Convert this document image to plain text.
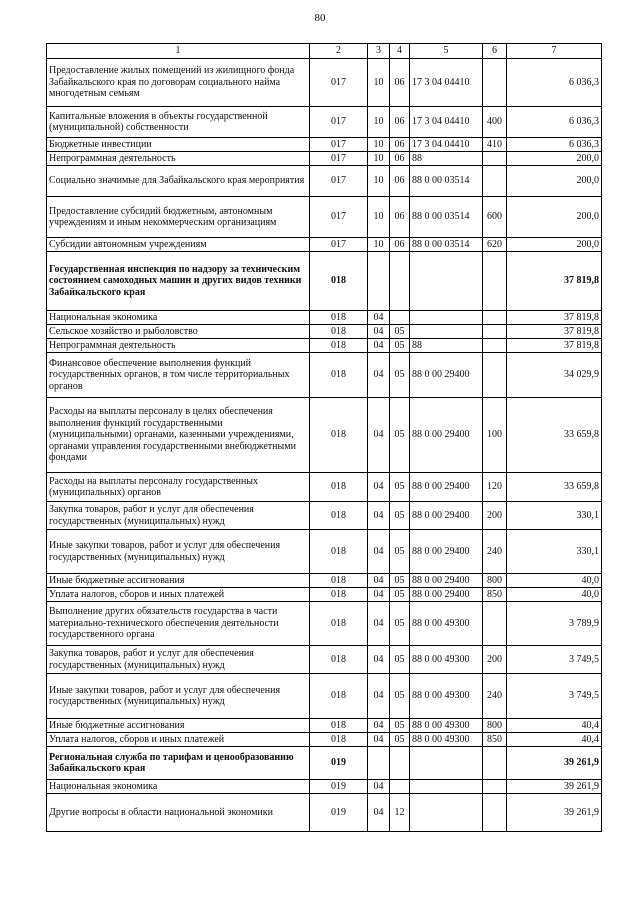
80
1	2	3	4	5	6	7
Предоставление жилых помещений из жилищного фонда Забайкальского края по договорам социального найма многодетным семьям	017	10	06	17 3 04 04410		6 036,3
Капитальные вложения в объекты государственной (муниципальной) собственности	017	10	06	17 3 04 04410	400	6 036,3
Бюджетные инвестиции	017	10	06	17 3 04 04410	410	6 036,3
Непрограммная деятельность	017	10	06	88		200,0
Социально значимые для Забайкальского края мероприятия	017	10	06	88 0 00 03514		200,0
Предоставление субсидий бюджетным, автономным учреждениям и иным некоммерческим организациям	017	10	06	88 0 00 03514	600	200,0
Субсидии автономным учреждениям	017	10	06	88 0 00 03514	620	200,0
Государственная инспекция по надзору за техническим состоянием самоходных машин и других видов техники Забайкальского края	018					37 819,8
Национальная экономика	018	04				37 819,8
Сельское хозяйство и рыболовство	018	04	05			37 819,8
Непрограммная деятельность	018	04	05	88		37 819,8
Финансовое обеспечение выполнения функций государственных органов, в том числе территориальных органов	018	04	05	88 0 00 29400		34 029,9
Расходы на выплаты персоналу в целях обеспечения выполнения функций государственными (муниципальными) органами, казенными учреждениями, органами управления государственными внебюджетными фондами	018	04	05	88 0 00 29400	100	33 659,8
Расходы на выплаты персоналу государственных (муниципальных) органов	018	04	05	88 0 00 29400	120	33 659,8
Закупка товаров, работ и услуг для обеспечения государственных (муниципальных) нужд	018	04	05	88 0 00 29400	200	330,1
Иные закупки товаров, работ и услуг для обеспечения государственных (муниципальных) нужд	018	04	05	88 0 00 29400	240	330,1
Иные бюджетные ассигнования	018	04	05	88 0 00 29400	800	40,0
Уплата налогов, сборов и иных платежей	018	04	05	88 0 00 29400	850	40,0
Выполнение других обязательств государства в части материально-технического обеспечения деятельности государственного органа	018	04	05	88 0 00 49300		3 789,9
Закупка товаров, работ и услуг для обеспечения государственных (муниципальных) нужд	018	04	05	88 0 00 49300	200	3 749,5
Иные закупки товаров, работ и услуг для обеспечения государственных (муниципальных) нужд	018	04	05	88 0 00 49300	240	3 749,5
Иные бюджетные ассигнования	018	04	05	88 0 00 49300	800	40,4
Уплата налогов, сборов и иных платежей	018	04	05	88 0 00 49300	850	40,4
Региональная служба по тарифам и ценообразованию Забайкальского края	019					39 261,9
Национальная экономика	019	04				39 261,9
Другие вопросы в области национальной экономики	019	04	12			39 261,9
